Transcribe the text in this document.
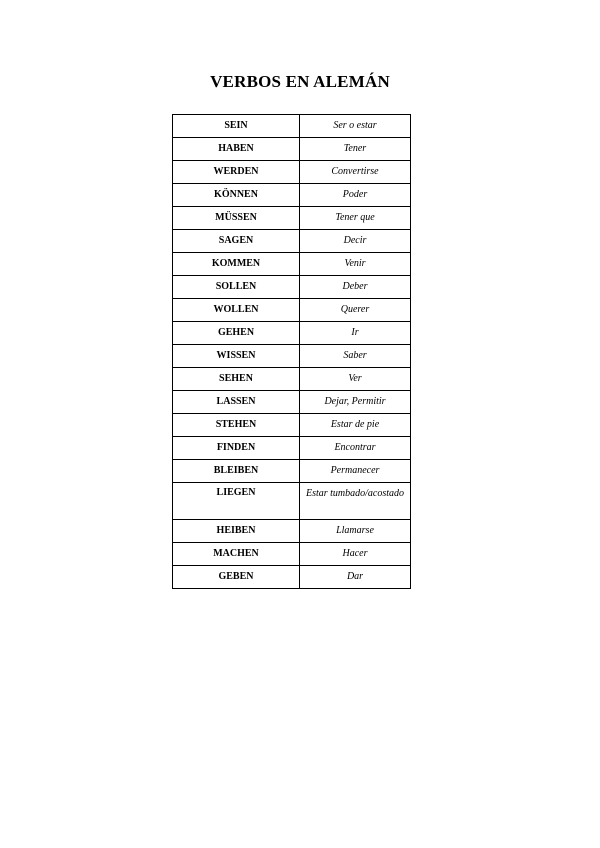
VERBOS EN ALEMÁN
SEIN	Ser o estar
HABEN	Tener
WERDEN	Convertirse
KÖNNEN	Poder
MÜSSEN	Tener que
SAGEN	Decir
KOMMEN	Venir
SOLLEN	Deber
WOLLEN	Querer
GEHEN	Ir
WISSEN	Saber
SEHEN	Ver
LASSEN	Dejar, Permitir
STEHEN	Estar de pie
FINDEN	Encontrar
BLEIBEN	Permanecer
LIEGEN	Estar tumbado/acostado
HEIBEN	Llamarse
MACHEN	Hacer
GEBEN	Dar
